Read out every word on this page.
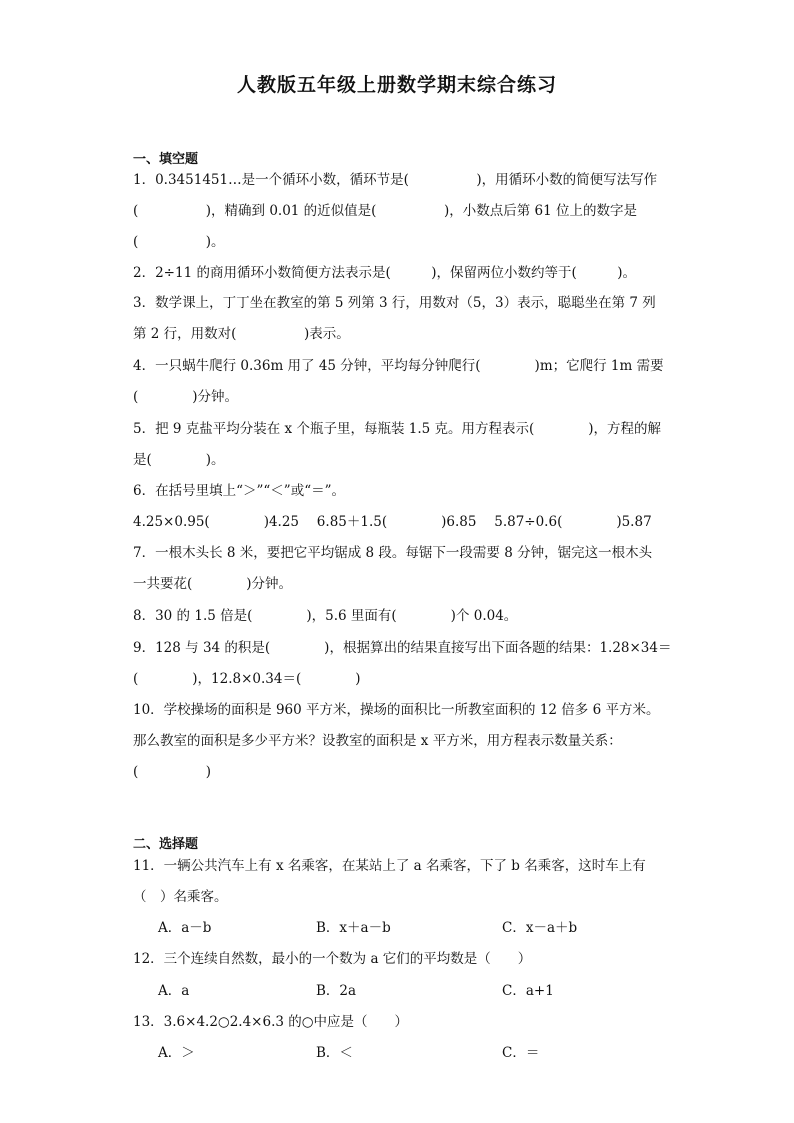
人教版五年级上册数学期末综合练习
一、填空题
1．0.3451451…是一个循环小数，循环节是(　　　　　)，用循环小数的简便写法写作
(　　　　　)，精确到 0.01 的近似值是(　　　　　)，小数点后第 61 位上的数字是
(　　　　　)。
2．2÷11 的商用循环小数简便方法表示是(　　　)，保留两位小数约等于(　　　)。
3．数学课上，丁丁坐在教室的第 5 列第 3 行，用数对（5，3）表示，聪聪坐在第 7 列
第 2 行，用数对(　　　　　)表示。
4．一只蜗牛爬行 0.36m 用了 45 分钟，平均每分钟爬行(　　　　)m；它爬行 1m 需要
(　　　　)分钟。
5．把 9 克盐平均分装在 x 个瓶子里，每瓶装 1.5 克。用方程表示(　　　　)，方程的解
是(　　　　)。
6．在括号里填上“＞”“＜”或“＝”。
4.25×0.95(　　　　)4.25　 6.85＋1.5(　　　　)6.85　 5.87÷0.6(　　　　)5.87
7．一根木头长 8 米，要把它平均锯成 8 段。每锯下一段需要 8 分钟，锯完这一根木头
一共要花(　　　　)分钟。
8．30 的 1.5 倍是(　　　　)，5.6 里面有(　　　　)个 0.04。
9．128 与 34 的积是(　　　　)，根据算出的结果直接写出下面各题的结果：1.28×34＝
(　　　　)，12.8×0.34＝(　　　　)
10．学校操场的面积是 960 平方米，操场的面积比一所教室面积的 12 倍多 6 平方米。
那么教室的面积是多少平方米？设教室的面积是 x 平方米，用方程表示数量关系：
(　　　　　)
二、选择题
11．一辆公共汽车上有 x 名乘客，在某站上了 a 名乘客，下了 b 名乘客，这时车上有
（　）名乘客。
A．a－b	B．x＋a－b	C．x－a＋b
12．三个连续自然数，最小的一个数为 a 它们的平均数是（　　）
A．a	B．2a	C．a+1
13．3.6×4.2○2.4×6.3 的○中应是（　　）
A．＞	B．＜	C．＝
